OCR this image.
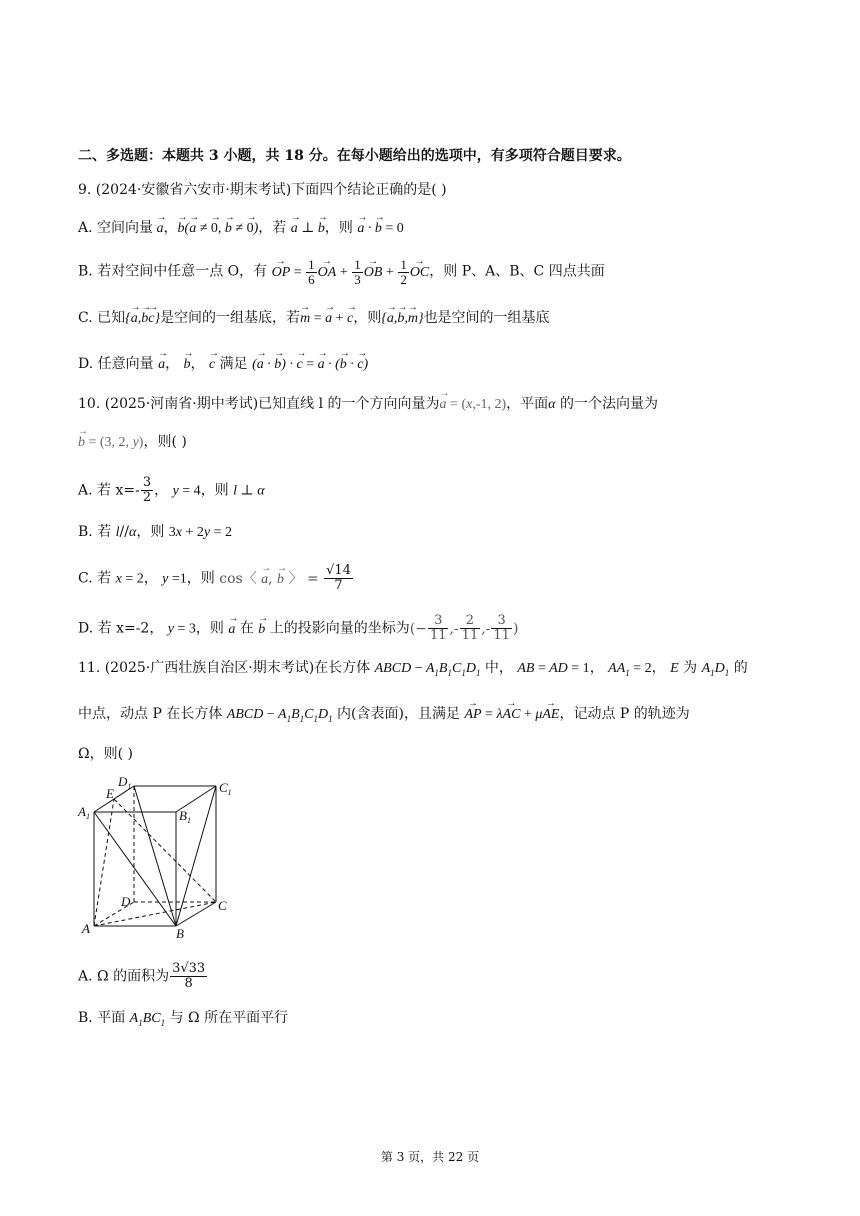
二、多选题：本题共 3 小题，共 18 分。在每小题给出的选项中，有多项符合题目要求。
9. (2024·安徽省六安市·期末考试)下面四个结论正确的是( )
A. 空间向量 → a，→ b(→ a ≠ → 0, → b ≠ → 0)，若 → a ⊥ → b，则 → a · → b = 0
B. 若对空间中任意一点 O，有 → OP = $\frac{1}{6}$ → OA + $\frac{1}{3}$ → OB + $\frac{1}{2}$ → OC，则 P、A、B、C 四点共面
C. 已知{→ a,→ b→ c}是空间的一组基底，若→ m = → a + → c，则{→ a,→ b,→ m}也是空间的一组基底
D. 任意向量 → a， → b， → c 满足 (→ a · → b) · → c = → a · (→ b · → c)
10. (2025·河南省·期中考试)已知直线 l 的一个方向向量为→ a = (x,-1, 2)，平面α 的一个法向量为
→ b = (3, 2, y)，则( )
A. 若 $x=- \frac{3}{2}$ ， y = 4，则 l ⊥ α
B. 若 l//α，则 3x + 2y = 2
C. 若 x = 2， y =1，则 cos〈 → a, → b 〉 = $\frac{√14}{7}$
D. 若 x=-2， y = 3，则 → a 在 → b 上的投影向量的坐标为(− $\frac{3}{11}$ ,- $\frac{2}{11}$ ,- $\frac{3}{11}$ )
11. (2025·广西壮族自治区·期末考试)在长方体 ABCD − $A_1B_1C_1D_1$ 中， AB = AD = 1， $AA_1 = 2$， E 为 $A_1D_1$ 的
中点，动点 P 在长方体 ABCD − $A_1B_1C_1D_1$ 内(含表面)，且满足 → AP = λ→ AC + μ→ AE，记动点 P 的轨迹为
Ω，则( )
$D_1$	$C_1$
E
$A_1$	$B_1$
D	C
A	B
A. Ω 的面积为 $\frac{3√33}{8}$
B. 平面 $A_1BC_1$ 与 Ω 所在平面平行
第 3 页，共 22 页
